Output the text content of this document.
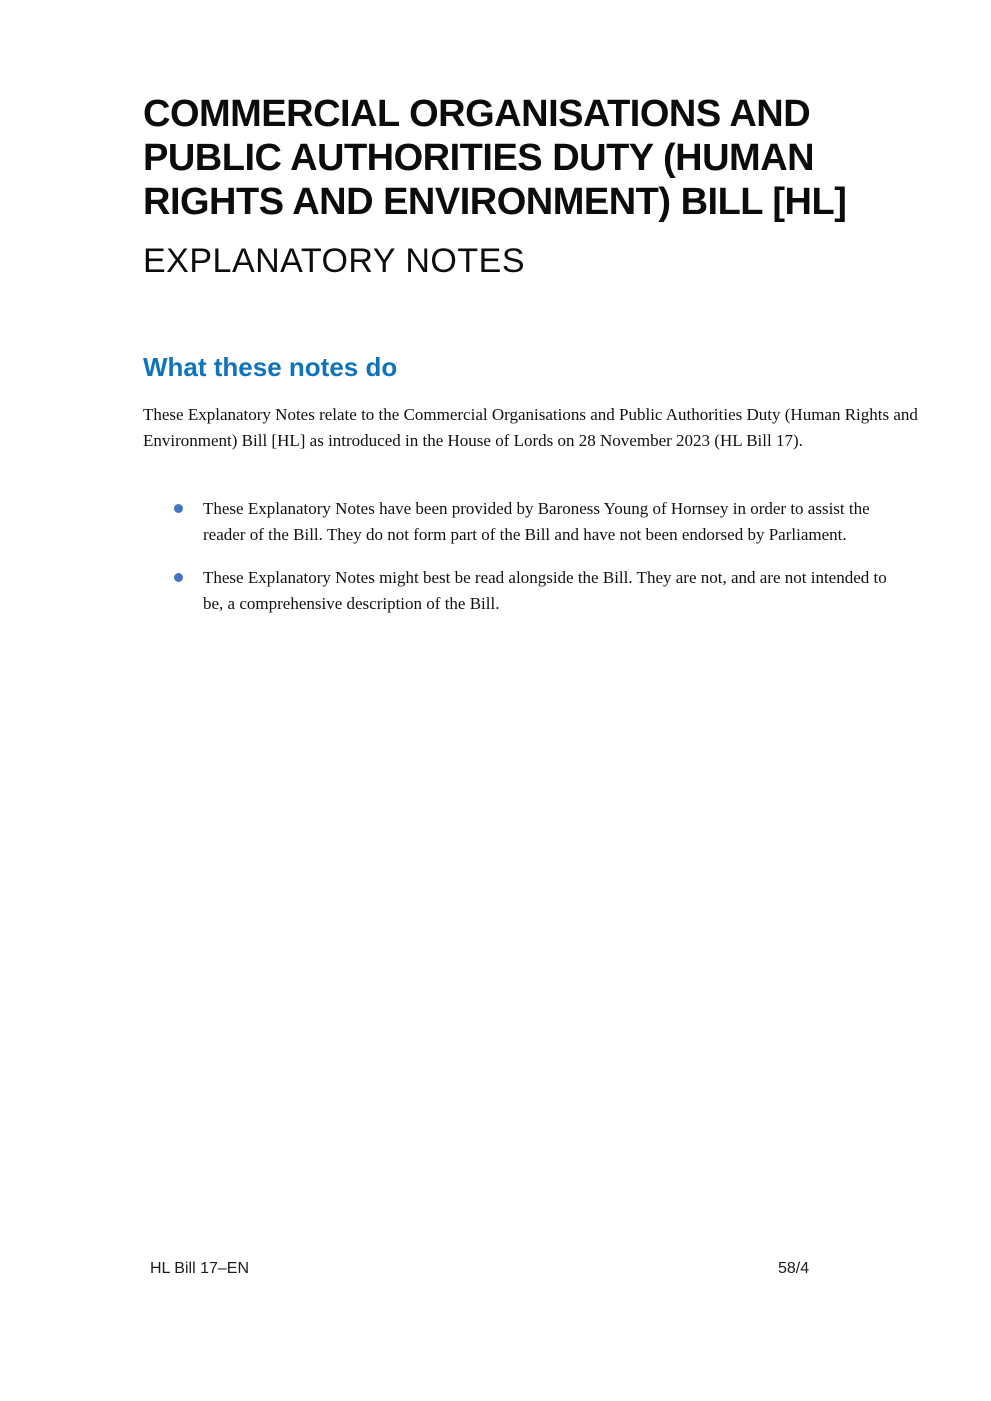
COMMERCIAL ORGANISATIONS AND
PUBLIC AUTHORITIES DUTY (HUMAN
RIGHTS AND ENVIRONMENT) BILL [HL]
EXPLANATORY NOTES
What these notes do

These Explanatory Notes relate to the Commercial Organisations and Public Authorities Duty (Human Rights and Environment) Bill [HL] as introduced in the House of Lords on 28 November 2023 (HL Bill 17).

These Explanatory Notes have been provided by Baroness Young of Hornsey in order to assist the reader of the Bill. They do not form part of the Bill and have not been endorsed by Parliament.
These Explanatory Notes might best be read alongside the Bill. They are not, and are not intended to be, a comprehensive description of the Bill.
HL Bill 17–EN	58/4
